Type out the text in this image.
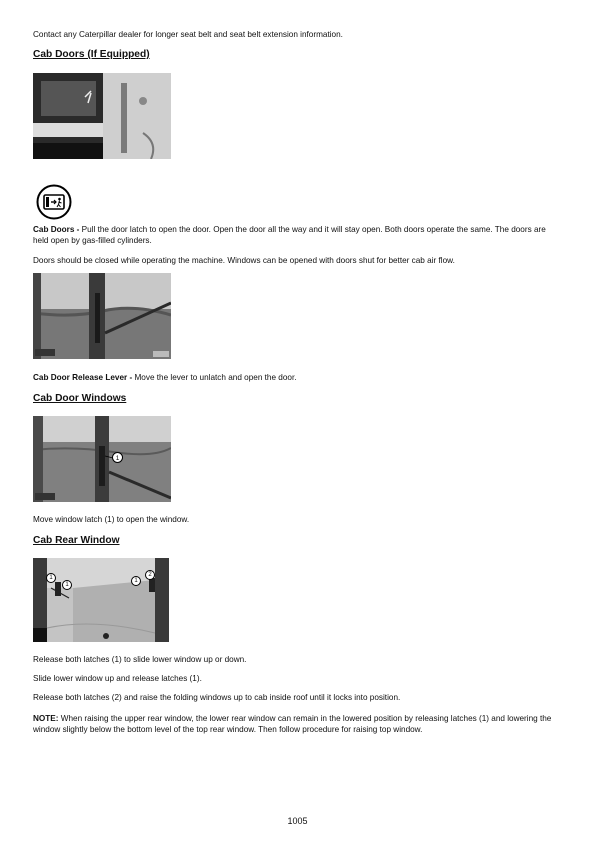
Contact any Caterpillar dealer for longer seat belt and seat belt extension information.

Cab Doors (If Equipped)

Cab Doors - Pull the door latch to open the door. Open the door all the way and it will stay open. Both doors operate the same. The doors are held open by gas-filled cylinders.

Doors should be closed while operating the machine. Windows can be opened with doors shut for better cab air flow.

Cab Door Release Lever - Move the lever to unlatch and open the door.

Cab Door Windows

1

Move window latch (1) to open the window.

Cab Rear Window

1
1
2
1

Release both latches (1) to slide lower window up or down.

Slide lower window up and release latches (1).

Release both latches (2) and raise the folding windows up to cab inside roof until it locks into position.

NOTE: When raising the upper rear window, the lower rear window can remain in the lowered position by releasing latches (1) and lowering the window slightly below the bottom level of the top rear window. Then follow procedure for raising top window.

1005
